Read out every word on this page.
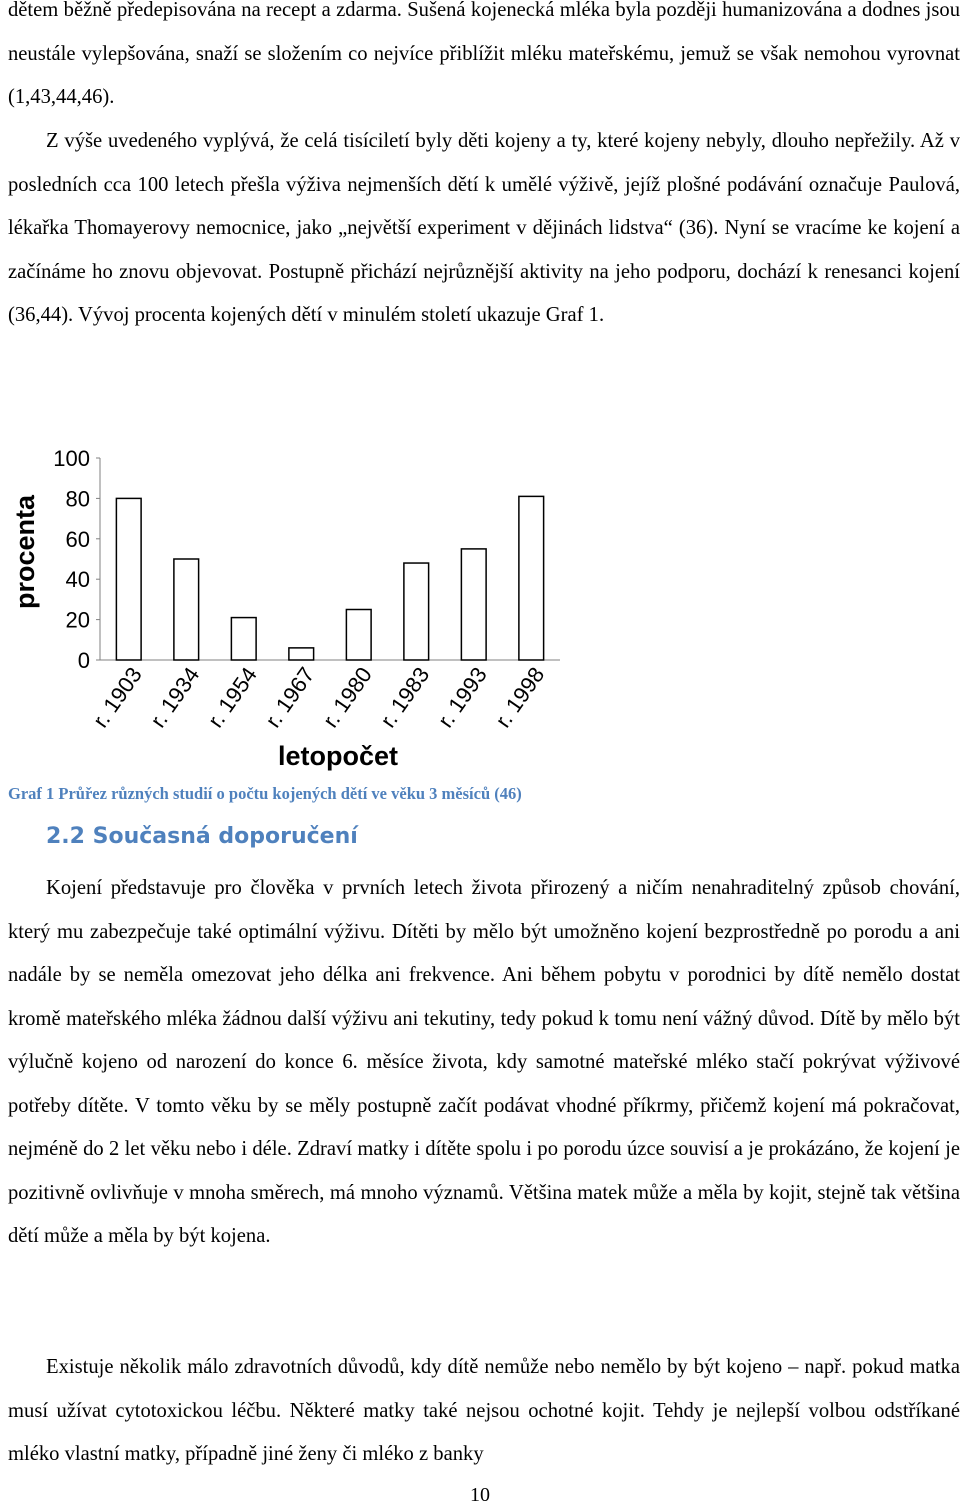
dětem běžně předepisována na recept a zdarma. Sušená kojenecká mléka byla později humanizována a dodnes jsou neustále vylepšována, snaží se složením co nejvíce přiblížit mléku mateřskému, jemuž se však nemohou vyrovnat (1,43,44,46).

Z výše uvedeného vyplývá, že celá tisíciletí byly děti kojeny a ty, které kojeny nebyly, dlouho nepřežily. Až v posledních cca 100 letech přešla výživa nejmenších dětí k umělé výživě, jejíž plošné podávání označuje Paulová, lékařka Thomayerovy nemocnice, jako „největší experiment v dějinách lidstva“ (36). Nyní se vracíme ke kojení a začínáme ho znovu objevovat. Postupně přichází nejrůznější aktivity na jeho podporu, dochází k renesanci kojení (36,44). Vývoj procenta kojených dětí v minulém století ukazuje Graf 1.

procenta
0
20
40
60
80
100
r. 1903
r. 1934
r. 1954
r. 1967
r. 1980
r. 1983
r. 1993
r. 1998
letopočet
Graf 1 Průřez různých studií o počtu kojených dětí ve věku 3 měsíců (46)
2.2 Současná doporučení

Kojení představuje pro člověka v prvních letech života přirozený a ničím nenahraditelný způsob chování, který mu zabezpečuje také optimální výživu. Dítěti by mělo být umožněno kojení bezprostředně po porodu a ani nadále by se neměla omezovat jeho délka ani frekvence. Ani během pobytu v porodnici by dítě nemělo dostat kromě mateřského mléka žádnou další výživu ani tekutiny, tedy pokud k tomu není vážný důvod. Dítě by mělo být výlučně kojeno od narození do konce 6. měsíce života, kdy samotné mateřské mléko stačí pokrývat výživové potřeby dítěte. V tomto věku by se měly postupně začít podávat vhodné příkrmy, přičemž kojení má pokračovat, nejméně do 2 let věku nebo i déle. Zdraví matky i dítěte spolu i po porodu úzce souvisí a je prokázáno, že kojení je pozitivně ovlivňuje v mnoha směrech, má mnoho významů. Většina matek může a měla by kojit, stejně tak většina dětí může a měla by být kojena.

Existuje několik málo zdravotních důvodů, kdy dítě nemůže nebo nemělo by být kojeno – např. pokud matka musí užívat cytotoxickou léčbu. Některé matky také nejsou ochotné kojit. Tehdy je nejlepší volbou odstříkané mléko vlastní matky, případně jiné ženy či mléko z banky

10
